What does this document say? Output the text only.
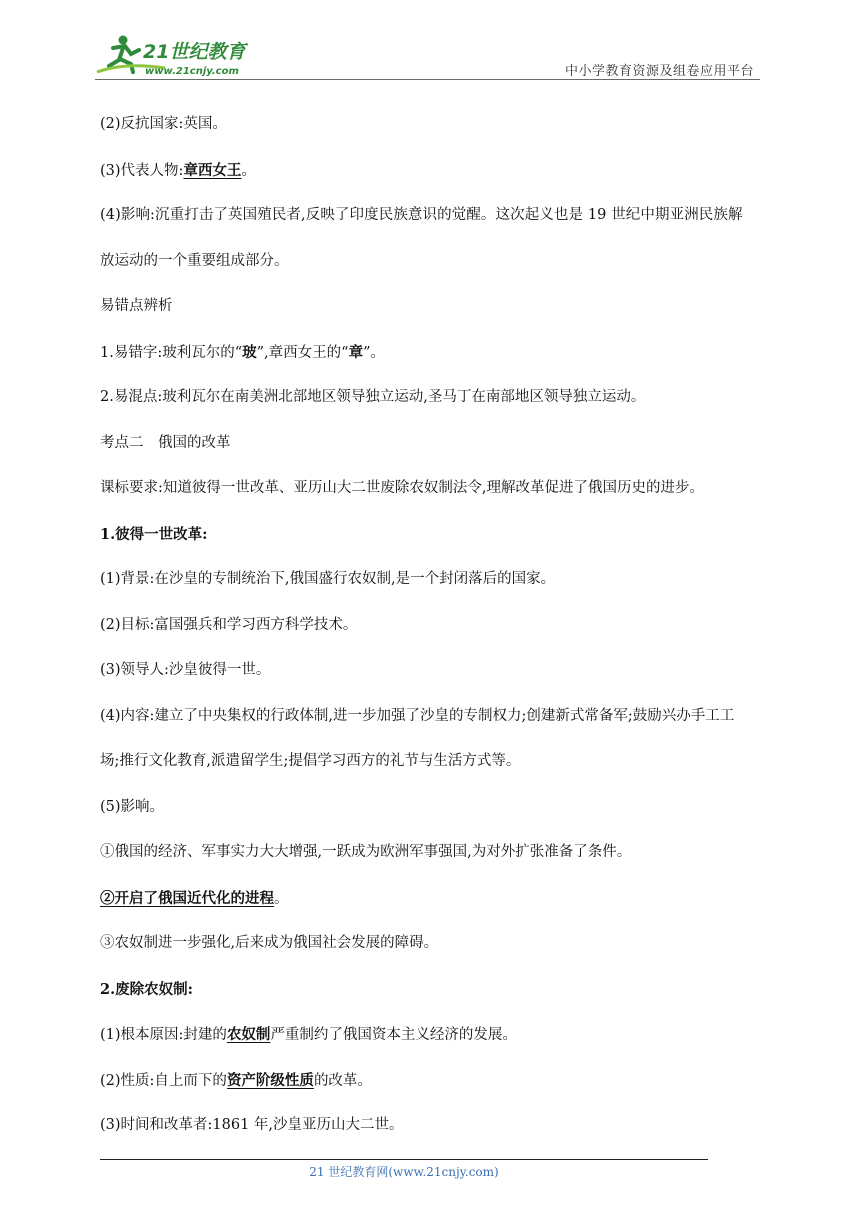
21世纪教育
www.21cnjy.com	中小学教育资源及组卷应用平台
(2)反抗国家:英国。
(3)代表人物:章西女王。
(4)影响:沉重打击了英国殖民者,反映了印度民族意识的觉醒。这次起义也是 19 世纪中期亚洲民族解
放运动的一个重要组成部分。
易错点辨析
1.易错字:玻利瓦尔的“玻”,章西女王的“章”。
2.易混点:玻利瓦尔在南美洲北部地区领导独立运动,圣马丁在南部地区领导独立运动。
考点二　俄国的改革
课标要求:知道彼得一世改革、亚历山大二世废除农奴制法令,理解改革促进了俄国历史的进步。
1.彼得一世改革:
(1)背景:在沙皇的专制统治下,俄国盛行农奴制,是一个封闭落后的国家。
(2)目标:富国强兵和学习西方科学技术。
(3)领导人:沙皇彼得一世。
(4)内容:建立了中央集权的行政体制,进一步加强了沙皇的专制权力;创建新式常备军;鼓励兴办手工工
场;推行文化教育,派遣留学生;提倡学习西方的礼节与生活方式等。
(5)影响。
①俄国的经济、军事实力大大增强,一跃成为欧洲军事强国,为对外扩张准备了条件。
②开启了俄国近代化的进程。
③农奴制进一步强化,后来成为俄国社会发展的障碍。
2.废除农奴制:
(1)根本原因:封建的农奴制严重制约了俄国资本主义经济的发展。
(2)性质:自上而下的资产阶级性质的改革。
(3)时间和改革者:1861 年,沙皇亚历山大二世。
21 世纪教育网(www.21cnjy.com)
